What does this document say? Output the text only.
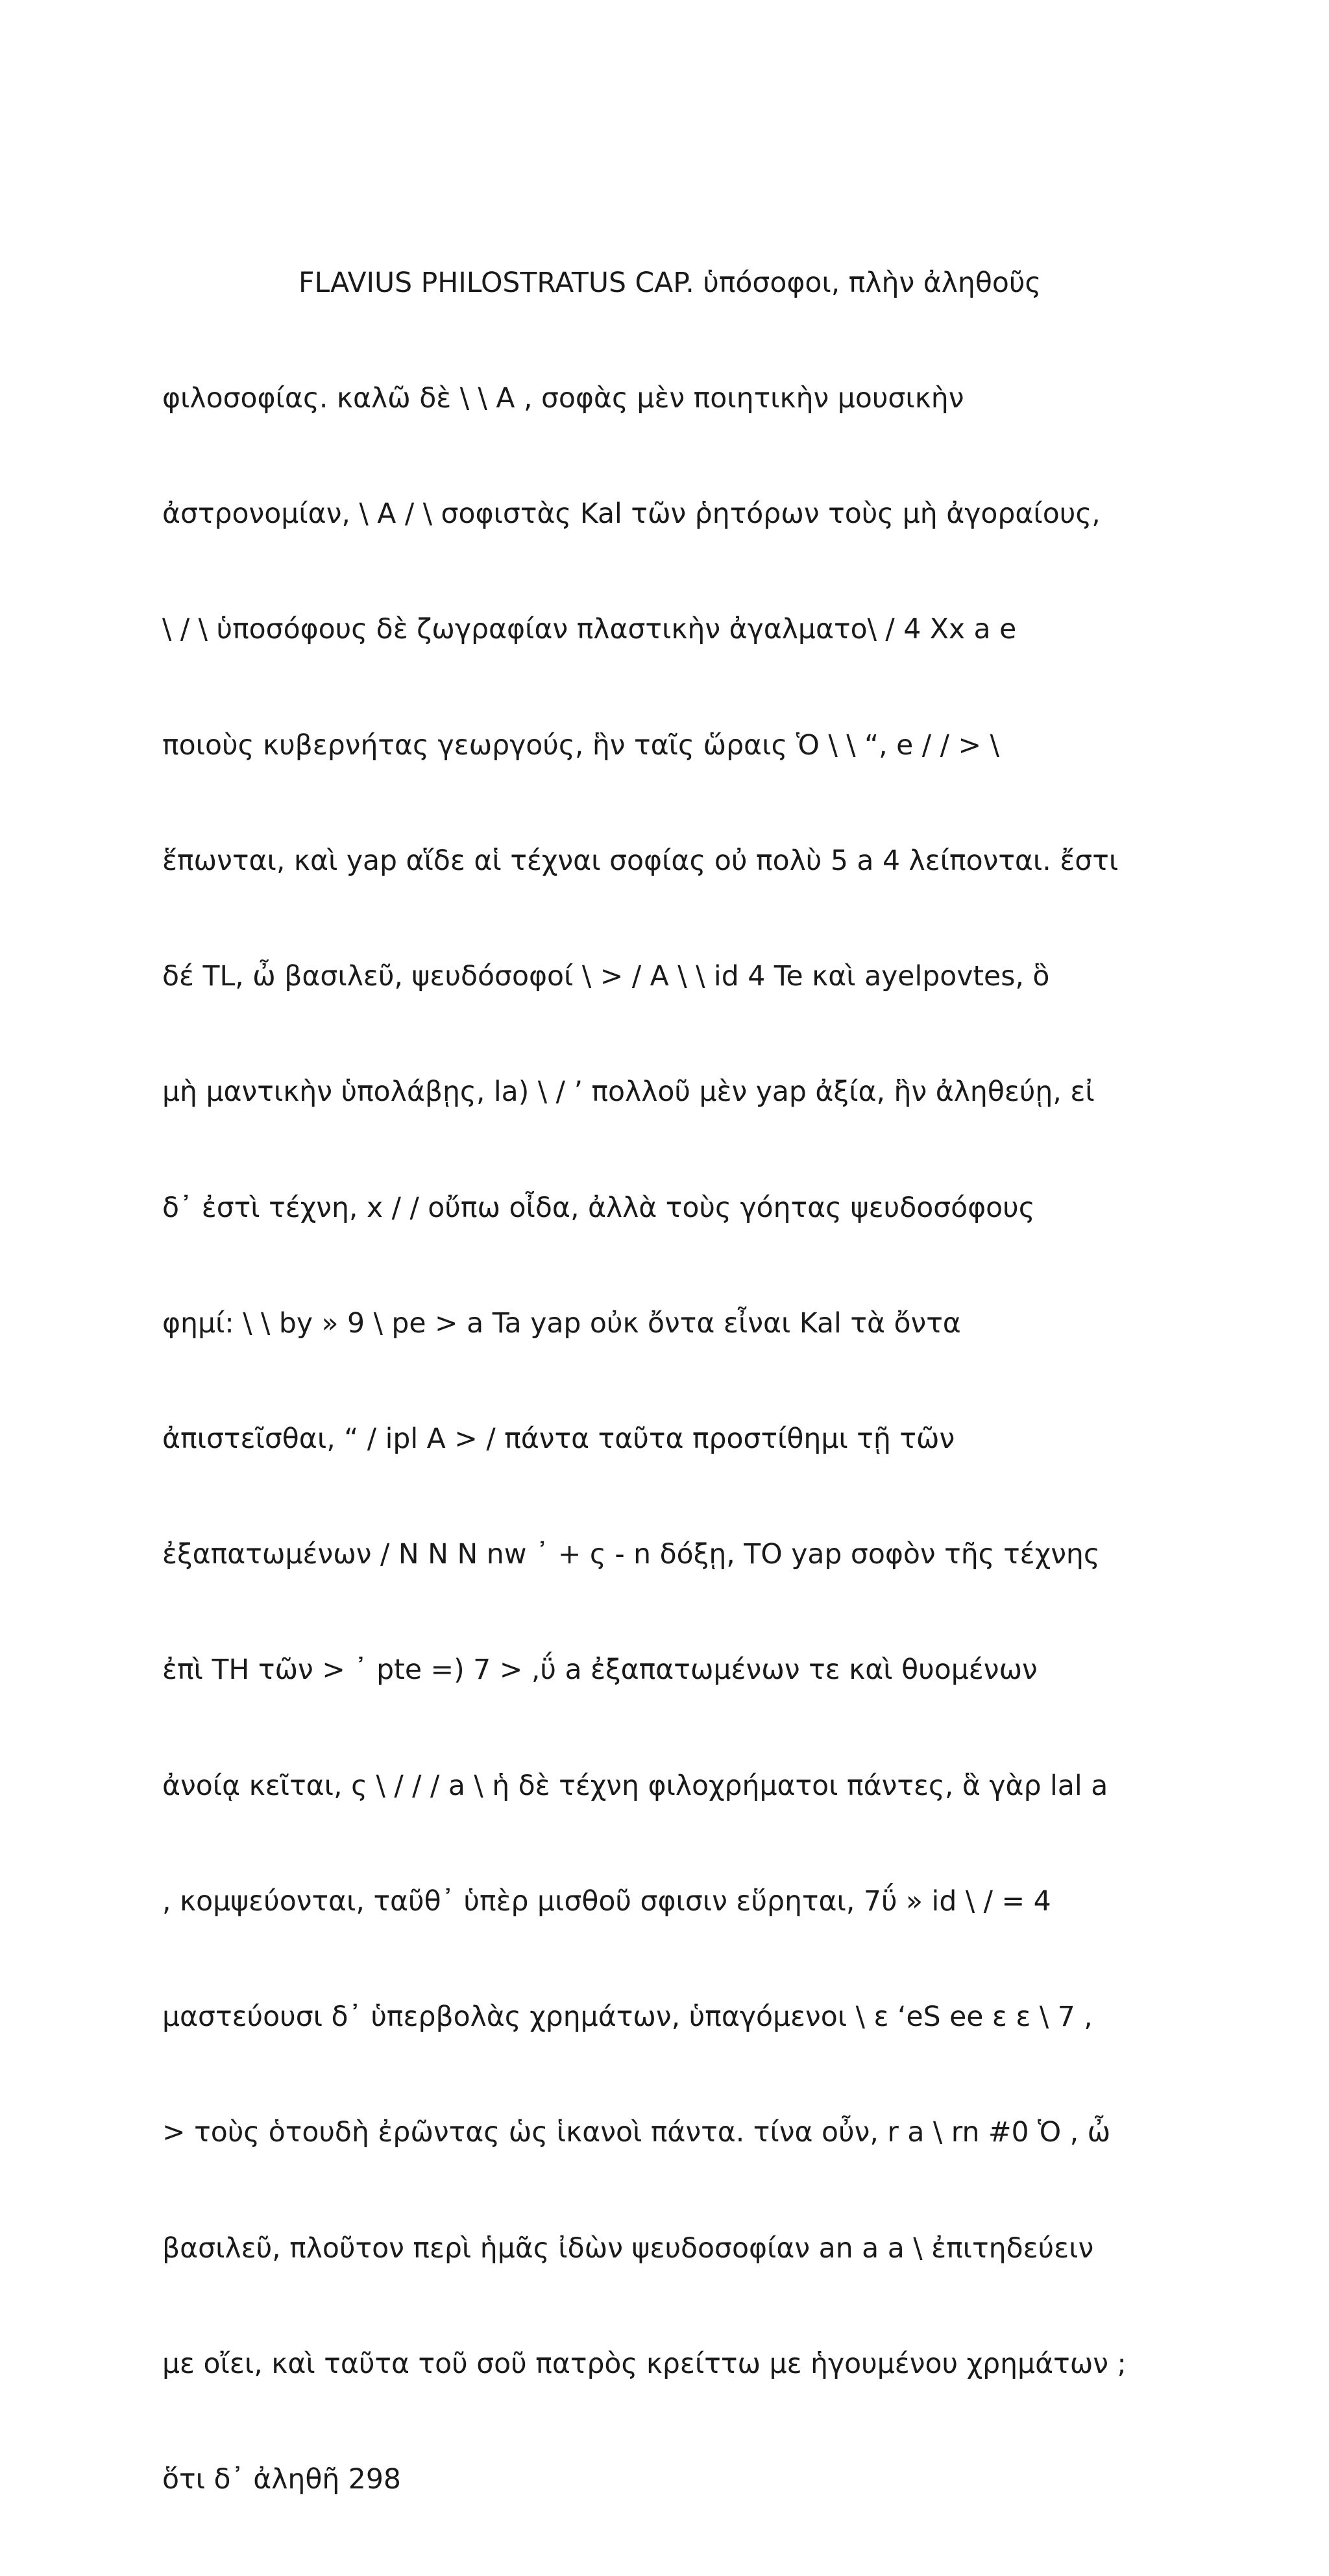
FLAVIUS PHILOSTRATUS CAP. ὑπόσοφοι, πλὴν ἀληθοῦς

φιλοσοφίας. καλῶ δὲ \ \ A , σοφὰς μὲν ποιητικὴν μουσικὴν

ἀστρονομίαν, \ A / \ σοφιστὰς Kal τῶν ῥητόρων τοὺς μὴ ἀγοραίους,

\ / \ ὑποσόφους δὲ ζωγραφίαν πλαστικὴν ἀγαλματο\ / 4 Xx a e

ποιοὺς κυβερνήτας γεωργούς, ἣν ταῖς ὥραις Ὁ \ \ “, e / / > \

ἕπωνται, καὶ yap αἵδε αἱ τέχναι σοφίας οὐ πολὺ 5 a 4 λείπονται. ἔστι

δέ TL, ὦ βασιλεῦ, ψευδόσοφοί \ > / A \ \ id 4 Te καὶ ayelpovtes, ὃ

μὴ μαντικὴν ὑπολάβῃς, la) \ / ’ πολλοῦ μὲν yap ἀξία, ἣν ἀληθεύῃ, εἰ

δ᾽ ἐστὶ τέχνη, x / / οὔπω οἶδα, ἀλλὰ τοὺς γόητας ψευδοσόφους

φημί: \ \ by » 9 \ pe > a Ta yap οὐκ ὄντα εἶναι Kal τὰ ὄντα

ἀπιστεῖσθαι, “ / ipl A > / πάντα ταῦτα προστίθημι τῇ τῶν

ἐξαπατωμένων / N N N nw ᾿ + ς - n δόξῃ, TO yap σοφὸν τῆς τέχνης

ἐπὶ TH τῶν > ᾿ pte =) 7 > ,ΰ a ἐξαπατωμένων τε καὶ θυομένων

ἀνοίᾳ κεῖται, ς \ / / / a \ ἡ δὲ τέχνη φιλοχρήματοι πάντες, ἃ γὰρ lal a

, κομψεύονται, ταῦθ᾽ ὑπὲρ μισθοῦ σφισιν εὕρηται, 7ΰ » id \ / = 4

μαστεύουσι δ᾽ ὑπερβολὰς χρημάτων, ὑπαγόμενοι \ ε ‘eS ee ε ε \ 7 ,

> τοὺς ὁτουδὴ ἐρῶντας ὡς ἱκανοὶ πάντα. τίνα οὖν, r a \ rn #0 Ὁ , ὦ

βασιλεῦ, πλοῦτον περὶ ἡμᾶς ἰδὼν ψευδοσοφίαν an a a \ ἐπιτηδεύειν

με οἴει, καὶ ταῦτα τοῦ σοῦ πατρὸς κρείττω με ἡγουμένου χρημάτων ;

ὅτι δ᾽ ἀληθῆ 298
